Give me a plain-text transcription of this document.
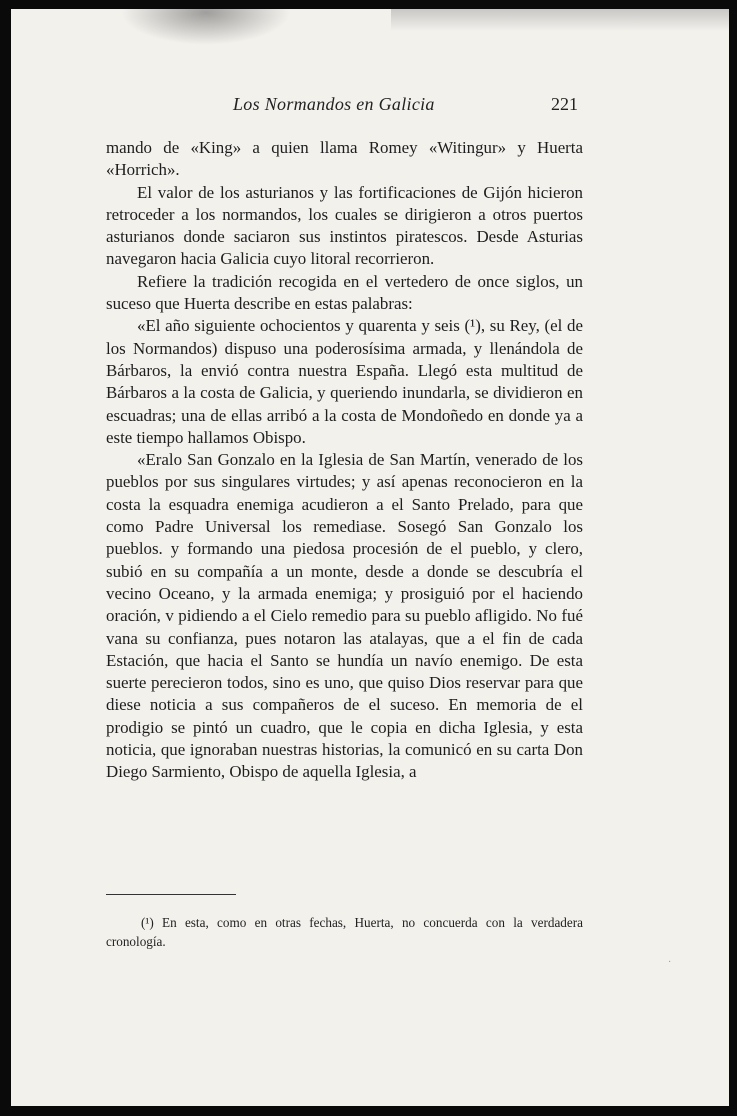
Los Normandos en Galicia	221

mando de «King» a quien llama Romey «Witingur» y Huerta «Horrich».

El valor de los asturianos y las fortificaciones de Gijón hicieron retroceder a los normandos, los cuales se dirigieron a otros puertos asturianos donde saciaron sus instintos piratescos. Desde Asturias navegaron hacia Galicia cuyo litoral recorrieron.

Refiere la tradición recogida en el vertedero de once siglos, un suceso que Huerta describe en estas palabras:

«El año siguiente ochocientos y quarenta y seis (¹), su Rey, (el de los Normandos) dispuso una poderosísima armada, y llenándola de Bárbaros, la envió contra nuestra España. Llegó esta multitud de Bárbaros a la costa de Galicia, y queriendo inundarla, se dividieron en escuadras; una de ellas arribó a la costa de Mondoñedo en donde ya a este tiempo hallamos Obispo.

«Eralo San Gonzalo en la Iglesia de San Martín, venerado de los pueblos por sus singulares virtudes; y así apenas reconocieron en la costa la esquadra enemiga acudieron a el Santo Prelado, para que como Padre Universal los remediase. Sosegó San Gonzalo los pueblos. y formando una piedosa procesión de el pueblo, y clero, subió en su compañía a un monte, desde a donde se descubría el vecino Oceano, y la armada enemiga; y prosiguió por el haciendo oración, v pidiendo a el Cielo remedio para su pueblo afligido. No fué vana su confianza, pues notaron las atalayas, que a el fin de cada Estación, que hacia el Santo se hundía un navío enemigo. De esta suerte perecieron todos, sino es uno, que quiso Dios reservar para que diese noticia a sus compañeros de el suceso. En memoria de el prodigio se pintó un cuadro, que le copia en dicha Iglesia, y esta noticia, que ignoraban nuestras historias, la comunicó en su carta Don Diego Sarmiento, Obispo de aquella Iglesia, a

(¹) En esta, como en otras fechas, Huerta, no concuerda con la verdadera cronología.
·
